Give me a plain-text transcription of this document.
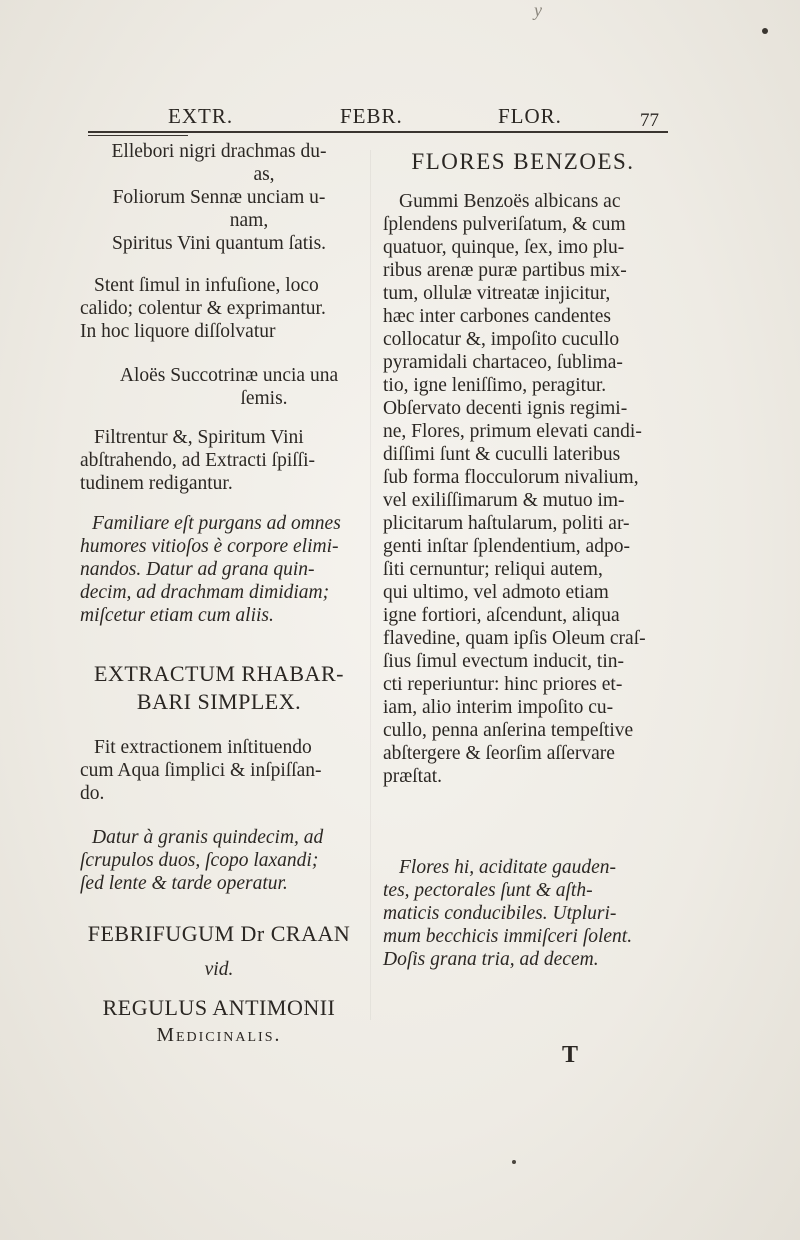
y
EXTR.	FEBR.	FLOR.	77
Ellebori nigri drachmas du-
as,
Foliorum Sennæ unciam u-
nam,
Spiritus Vini quantum ſatis.
Stent ſimul in infuſione, loco
calido; colentur & exprimantur.
In hoc liquore diſſolvatur
Aloës Succotrinæ uncia una
ſemis.
Filtrentur &, Spiritum Vini
abſtrahendo, ad Extracti ſpiſſi-
tudinem redigantur.
Familiare eſt purgans ad omnes
humores vitioſos è corpore elimi-
nandos. Datur ad grana quin-
decim, ad drachmam dimidiam;
miſcetur etiam cum aliis.
EXTRACTUM RHABAR-
BARI SIMPLEX.
Fit extractionem inſtituendo
cum Aqua ſimplici & inſpiſſan-
do.
Datur à granis quindecim, ad
ſcrupulos duos, ſcopo laxandi;
ſed lente & tarde operatur.
FEBRIFUGUM Dr CRAAN
vid.
REGULUS ANTIMONII
Medicinalis.
FLORES BENZOES.
Gummi Benzoës albicans ac
ſplendens pulveriſatum, & cum
quatuor, quinque, ſex, imo plu-
ribus arenæ puræ partibus mix-
tum, ollulæ vitreatæ injicitur,
hæc inter carbones candentes
collocatur &, impoſito cucullo
pyramidali chartaceo, ſublima-
tio, igne leniſſimo, peragitur.
Obſervato decenti ignis regimi-
ne, Flores, primum elevati candi-
diſſimi ſunt & cuculli lateribus
ſub forma flocculorum nivalium,
vel exiliſſimarum & mutuo im-
plicitarum haſtularum, politi ar-
genti inſtar ſplendentium, adpo-
ſiti cernuntur; reliqui autem,
qui ultimo, vel admoto etiam
igne fortiori, aſcendunt, aliqua
flavedine, quam ipſis Oleum craſ-
ſius ſimul evectum inducit, tin-
cti reperiuntur: hinc priores et-
iam, alio interim impoſito cu-
cullo, penna anſerina tempeſtive
abſtergere & ſeorſim aſſervare
præſtat.
Flores hi, aciditate gauden-
tes, pectorales ſunt & aſth-
maticis conducibiles. Utpluri-
mum becchicis immiſceri ſolent.
Doſis grana tria, ad decem.
T
